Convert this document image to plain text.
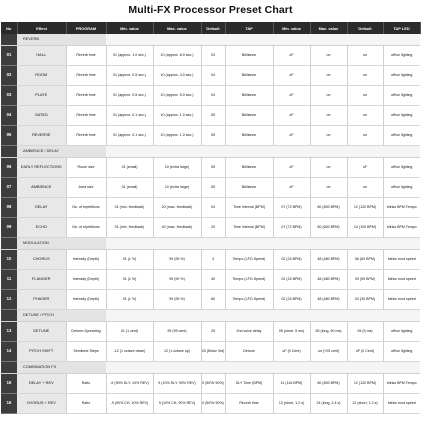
Multi-FX Processor Preset Chart
No	Effect	PROGRAM	Min. value	Max. value	Default	TAP	Min. value	Max. value	Default	TAP LED
	REVERB									
01	HALL	Reverb time	01 (approx. 1.0 sec.)	10 (approx. 8.0 sec.)	03	Brilliance	oF	on	on	off/on lighting
02	ROOM	Reverb time	01 (approx. 0.5 sec.)	10 (approx. 4.0 sec.)	04	Brilliance	oF	on	on	off/on lighting
03	PLATE	Reverb time	01 (approx. 0.5 sec.)	10 (approx. 5.0 sec.)	04	Brilliance	oF	on	on	off/on lighting
04	GATED	Reverb time	01 (approx. 0.1 sec.)	10 (approx. 1.0 sec.)	05	Brilliance	oF	on	on	off/on lighting
05	REVERSE	Reverb time	01 (approx. 0.1 sec.)	10 (approx. 1.0 sec.)	05	Brilliance	oF	on	on	off/on lighting
	AMBIENCE / DELAY									
06	EARLY REFLECTIONS	Room size	01 (small)	10 (extra large)	05	Brilliance	oF	on	oF	off/on lighting
07	AMBIENCE	Area size	01 (small)	10 (extra large)	05	Brilliance	oF	on	on	off/on lighting
08	DELAY	No. of repetitions	01 (min. feedback)	20 (max. feedback)	04	Time Interval (BPM)	07 (72 BPM)	60 (600 BPM)	12 (120 BPM)	blinks BPM Tempo
09	ECHO	No. of repetitions	01 (min. feedback)	40 (max. feedback)	20	Time Interval (BPM)	07 (72 BPM)	60 (600 BPM)	10 (100 BPM)	blinks BPM Tempo
	MODULATION									
10	CHORUS	Intensity (Depth)	01 (1 %)	99 (99 %)	3	Tempo (LFO-Speed)	02 (24 BPM)	48 (480 BPM)	06 (60 BPM)	blinks mod speed
11	FLANGER	Intensity (Depth)	01 (1 %)	99 (99 %)	40	Tempo (LFO-Speed)	02 (24 BPM)	48 (480 BPM)	09 (90 BPM)	blinks mod speed
12	PHASER	Intensity (Depth)	01 (1 %)	99 (99 %)	60	Tempo (LFO-Speed)	02 (24 BPM)	48 (480 BPM)	03 (30 BPM)	blinks mod speed
	DETUNE / PITCH									
13	DETUNE	Detune-Spreading	01 (1 cent)	99 (99 cent)	25	2nd voice delay	05 (short, 5 ms)	50 (long, 50 ms)	05 (5 ms)	off/on lighting
14	PITCH SHIFT	Semitone Steps	-12 (1 octave down)	12 (1 octave up)	03 (Minor 3rd)	Detune	oF (0 Cent)	on (+25 cent)	oF (0 Cent)	off/on lighting
	COMBINATION FX									
15	DELAY + REV	Ratio	-9 (90% DLY, 10% REV)	9 (10% DLY, 90% REV)	0 (50%/ 50%)	DLY Time (BPM)	11 (116 BPM)	60 (600 BPM)	12 (120 BPM)	blinks BPM Tempo
16	CHORUS + REV	Ratio	-9 (90% CH, 10% REV)	9 (10% CH, 90% REV)	0 (50%/ 50%)	Reverb time	12 (short, 1.2 s)	24 (long, 2.4 s)	12 (short, 1.2 s)	blinks mod speed
